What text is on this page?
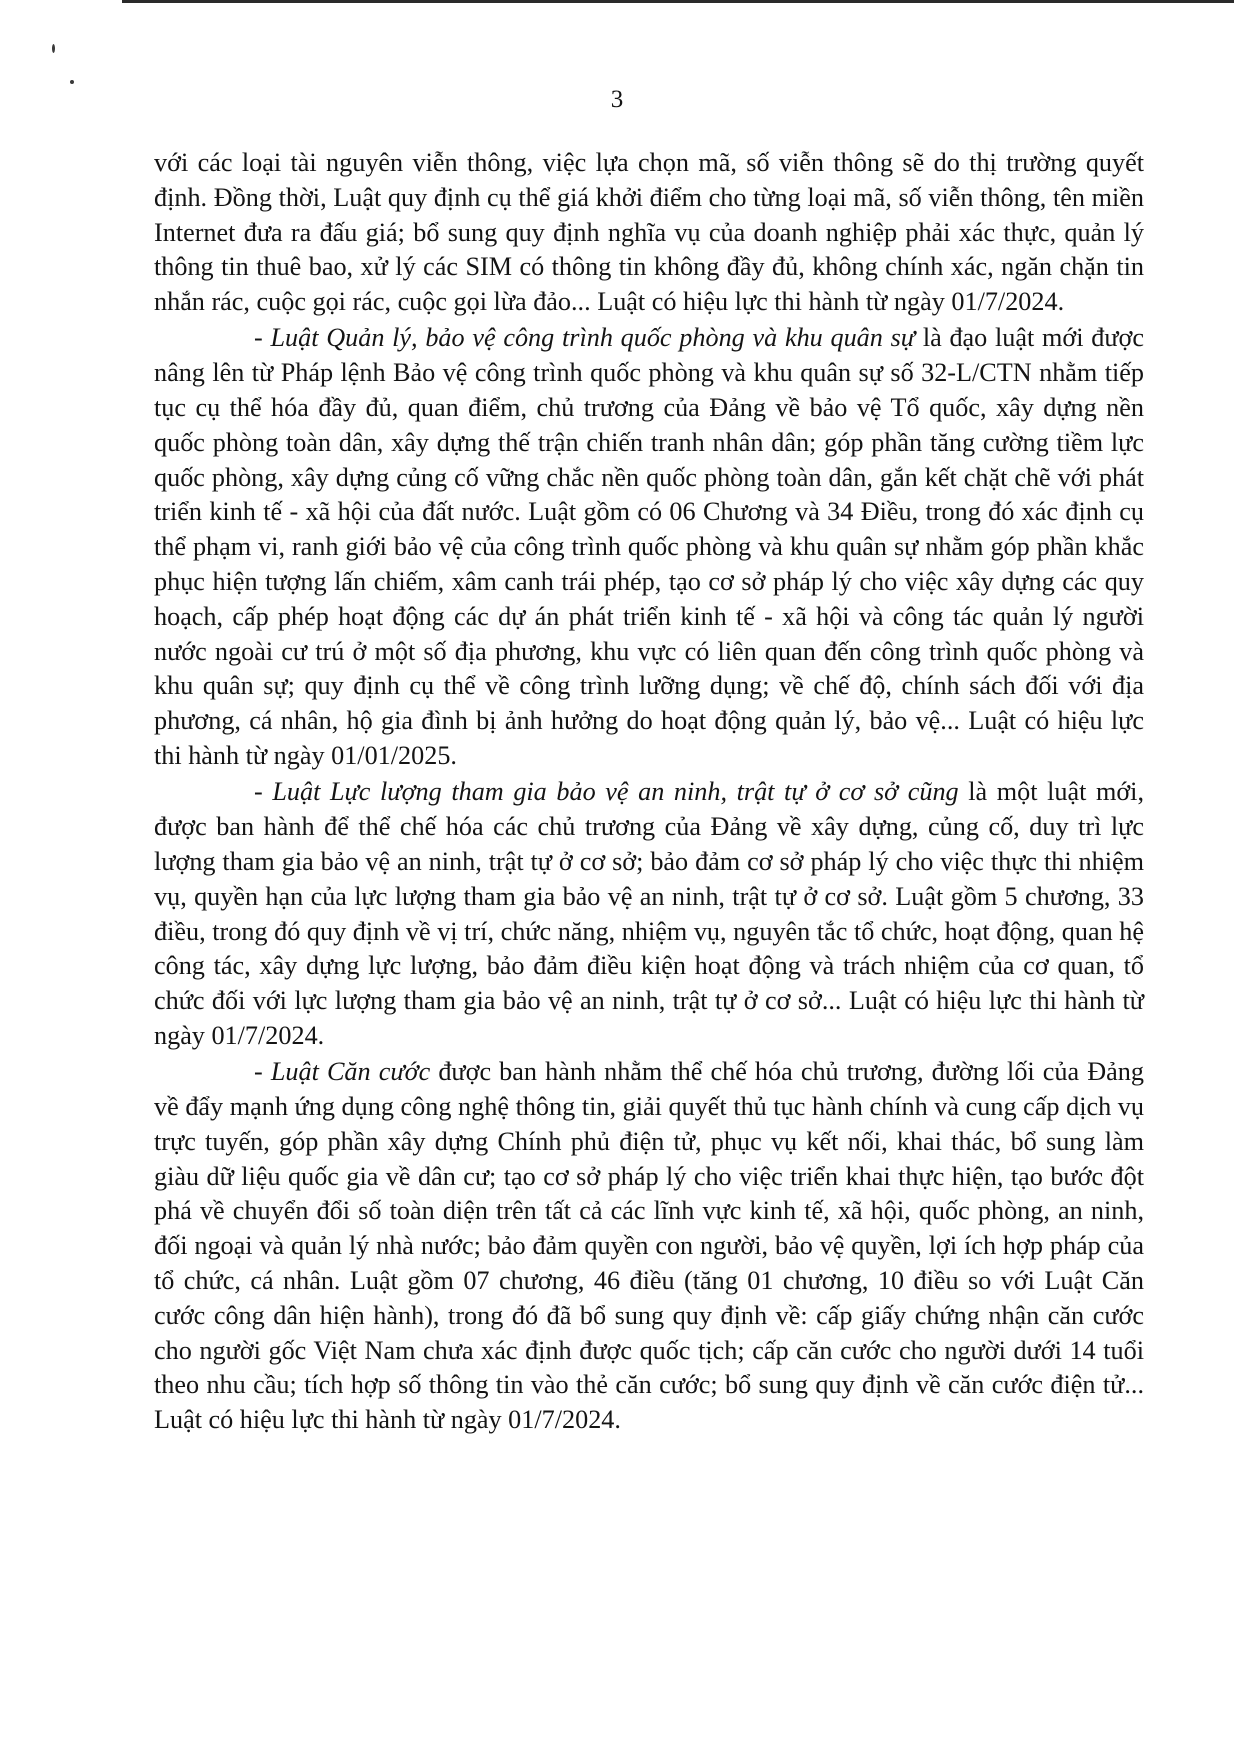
3

với các loại tài nguyên viễn thông, việc lựa chọn mã, số viễn thông sẽ do thị trường quyết định. Đồng thời, Luật quy định cụ thể giá khởi điểm cho từng loại mã, số viễn thông, tên miền Internet đưa ra đấu giá; bổ sung quy định nghĩa vụ của doanh nghiệp phải xác thực, quản lý thông tin thuê bao, xử lý các SIM có thông tin không đầy đủ, không chính xác, ngăn chặn tin nhắn rác, cuộc gọi rác, cuộc gọi lừa đảo... Luật có hiệu lực thi hành từ ngày 01/7/2024.

- Luật Quản lý, bảo vệ công trình quốc phòng và khu quân sự là đạo luật mới được nâng lên từ Pháp lệnh Bảo vệ công trình quốc phòng và khu quân sự số 32-L/CTN nhằm tiếp tục cụ thể hóa đầy đủ, quan điểm, chủ trương của Đảng về bảo vệ Tổ quốc, xây dựng nền quốc phòng toàn dân, xây dựng thế trận chiến tranh nhân dân; góp phần tăng cường tiềm lực quốc phòng, xây dựng củng cố vững chắc nền quốc phòng toàn dân, gắn kết chặt chẽ với phát triển kinh tế - xã hội của đất nước. Luật gồm có 06 Chương và 34 Điều, trong đó xác định cụ thể phạm vi, ranh giới bảo vệ của công trình quốc phòng và khu quân sự nhằm góp phần khắc phục hiện tượng lấn chiếm, xâm canh trái phép, tạo cơ sở pháp lý cho việc xây dựng các quy hoạch, cấp phép hoạt động các dự án phát triển kinh tế - xã hội và công tác quản lý người nước ngoài cư trú ở một số địa phương, khu vực có liên quan đến công trình quốc phòng và khu quân sự; quy định cụ thể về công trình lưỡng dụng; về chế độ, chính sách đối với địa phương, cá nhân, hộ gia đình bị ảnh hưởng do hoạt động quản lý, bảo vệ... Luật có hiệu lực thi hành từ ngày 01/01/2025.

- Luật Lực lượng tham gia bảo vệ an ninh, trật tự ở cơ sở cũng là một luật mới, được ban hành để thể chế hóa các chủ trương của Đảng về xây dựng, củng cố, duy trì lực lượng tham gia bảo vệ an ninh, trật tự ở cơ sở; bảo đảm cơ sở pháp lý cho việc thực thi nhiệm vụ, quyền hạn của lực lượng tham gia bảo vệ an ninh, trật tự ở cơ sở. Luật gồm 5 chương, 33 điều, trong đó quy định về vị trí, chức năng, nhiệm vụ, nguyên tắc tổ chức, hoạt động, quan hệ công tác, xây dựng lực lượng, bảo đảm điều kiện hoạt động và trách nhiệm của cơ quan, tổ chức đối với lực lượng tham gia bảo vệ an ninh, trật tự ở cơ sở... Luật có hiệu lực thi hành từ ngày 01/7/2024.

- Luật Căn cước được ban hành nhằm thể chế hóa chủ trương, đường lối của Đảng về đẩy mạnh ứng dụng công nghệ thông tin, giải quyết thủ tục hành chính và cung cấp dịch vụ trực tuyến, góp phần xây dựng Chính phủ điện tử, phục vụ kết nối, khai thác, bổ sung làm giàu dữ liệu quốc gia về dân cư; tạo cơ sở pháp lý cho việc triển khai thực hiện, tạo bước đột phá về chuyển đổi số toàn diện trên tất cả các lĩnh vực kinh tế, xã hội, quốc phòng, an ninh, đối ngoại và quản lý nhà nước; bảo đảm quyền con người, bảo vệ quyền, lợi ích hợp pháp của tổ chức, cá nhân. Luật gồm 07 chương, 46 điều (tăng 01 chương, 10 điều so với Luật Căn cước công dân hiện hành), trong đó đã bổ sung quy định về: cấp giấy chứng nhận căn cước cho người gốc Việt Nam chưa xác định được quốc tịch; cấp căn cước cho người dưới 14 tuổi theo nhu cầu; tích hợp số thông tin vào thẻ căn cước; bổ sung quy định về căn cước điện tử... Luật có hiệu lực thi hành từ ngày 01/7/2024.
